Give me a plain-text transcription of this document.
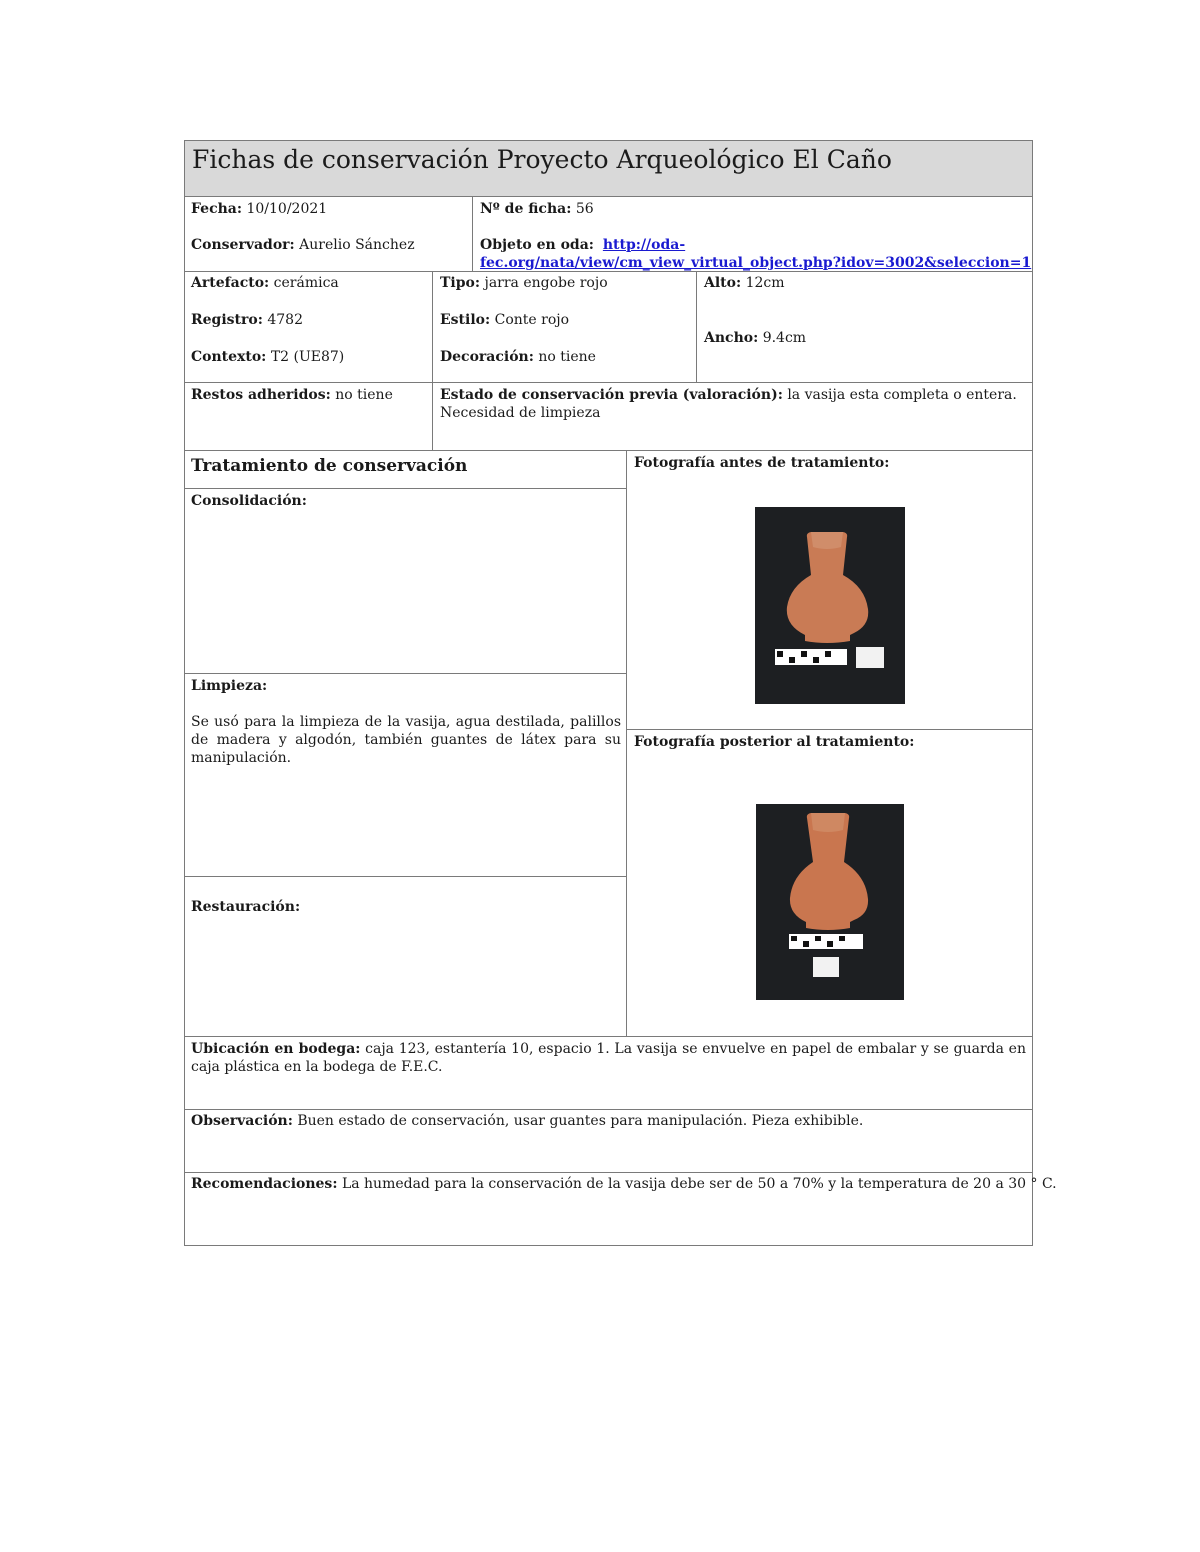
Fichas de conservación Proyecto Arqueológico El Caño
Fecha: 10/10/2021
Conservador: Aurelio Sánchez
Nº de ficha: 56
Objeto en oda: http://oda-
fec.org/nata/view/cm_view_virtual_object.php?idov=3002&seleccion=1
Artefacto: cerámica
Registro: 4782
Contexto: T2 (UE87)
Tipo: jarra engobe rojo
Estilo: Conte rojo
Decoración: no tiene
Alto: 12cm
Ancho: 9.4cm
Restos adheridos: no tiene	Estado de conservación previa (valoración): la vasija esta completa o entera.
Necesidad de limpieza
Tratamiento de conservación
Consolidación:
Limpieza:
Se usó para la limpieza de la vasija, agua destilada, palillos de madera y algodón, también guantes de látex para su manipulación.
Restauración:
Fotografía antes de tratamiento:
Fotografía posterior al tratamiento:
Ubicación en bodega: caja 123, estantería 10, espacio 1. La vasija se envuelve en papel de embalar y se guarda en caja plástica en la bodega de F.E.C.
Observación: Buen estado de conservación, usar guantes para manipulación. Pieza exhibible.
Recomendaciones: La humedad para la conservación de la vasija debe ser de 50 a 70% y la temperatura de 20 a 30 ° C.
